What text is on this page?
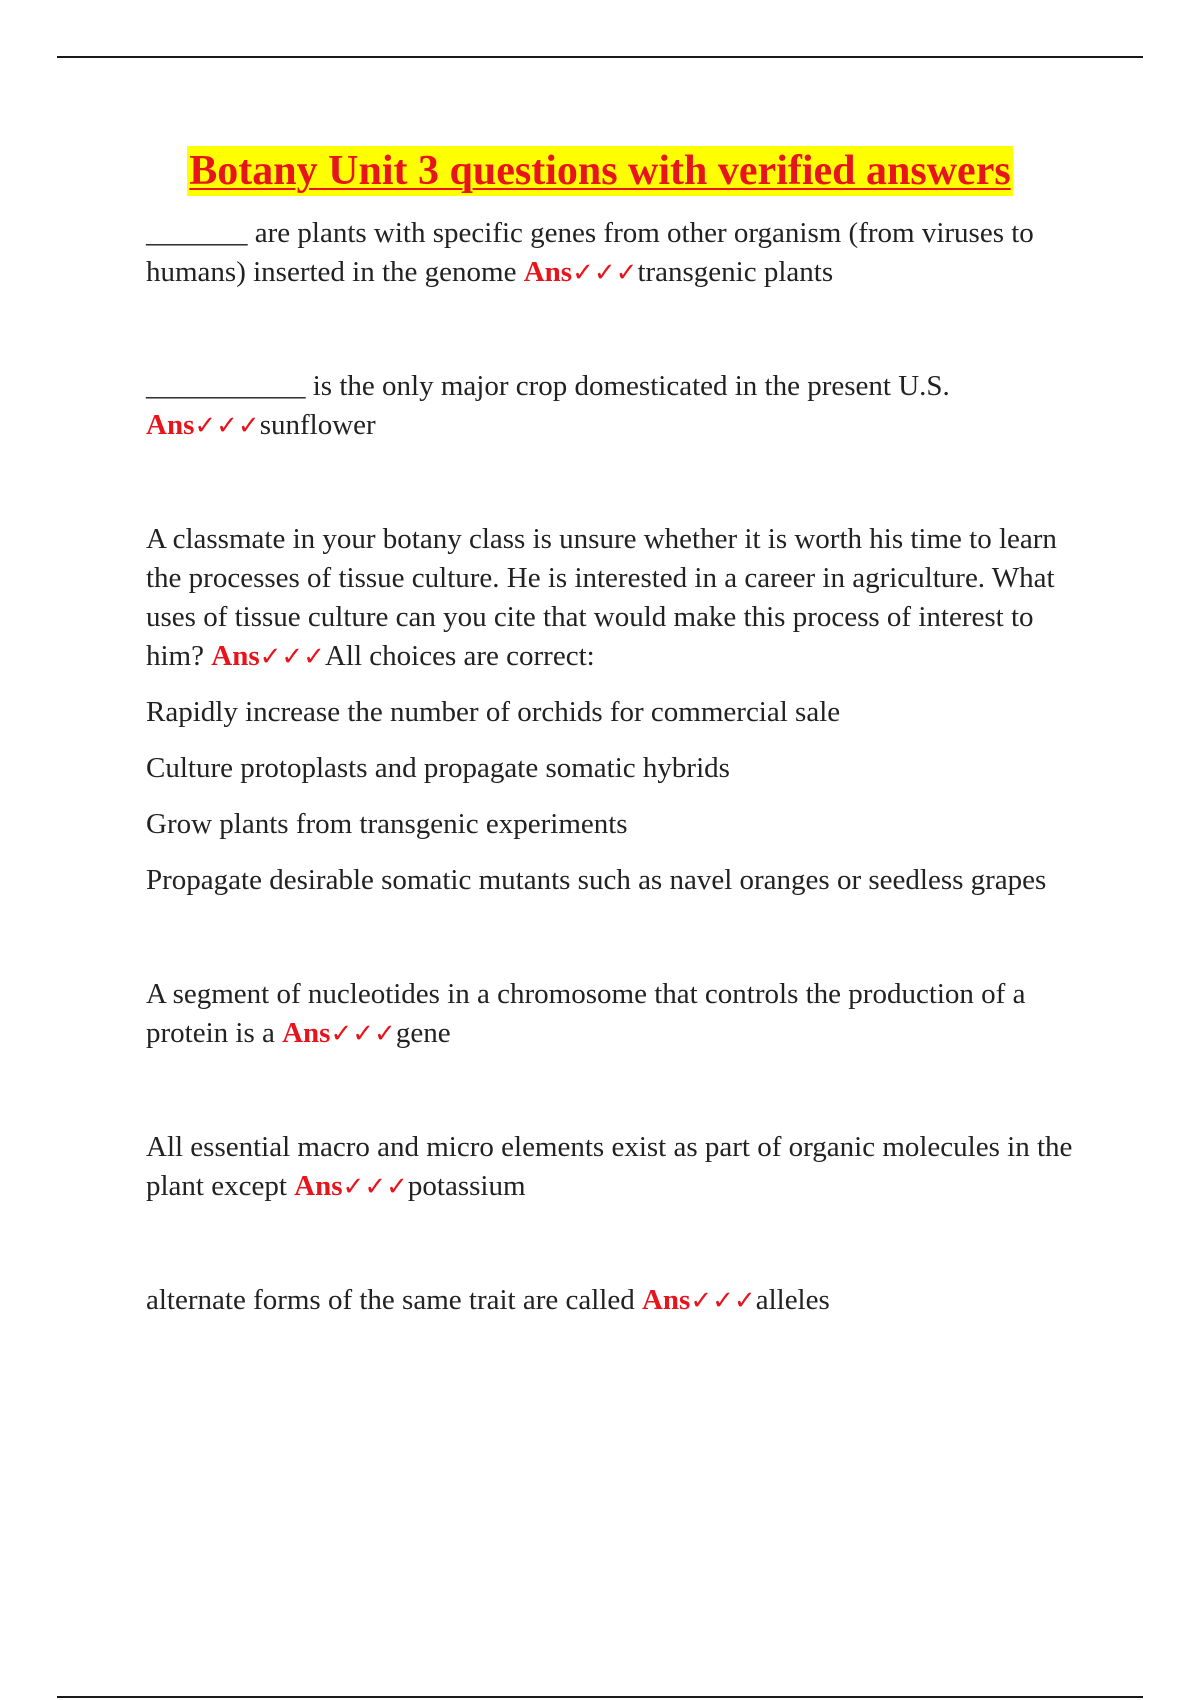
Botany Unit 3 questions with verified answers

_______ are plants with specific genes from other organism (from viruses to humans) inserted in the genome Ans✓✓✓transgenic plants

___________ is the only major crop domesticated in the present U.S. Ans✓✓✓sunflower

A classmate in your botany class is unsure whether it is worth his time to learn the processes of tissue culture. He is interested in a career in agriculture. What uses of tissue culture can you cite that would make this process of interest to him? Ans✓✓✓All choices are correct:

Rapidly increase the number of orchids for commercial sale

Culture protoplasts and propagate somatic hybrids

Grow plants from transgenic experiments

Propagate desirable somatic mutants such as navel oranges or seedless grapes

A segment of nucleotides in a chromosome that controls the production of a protein is a Ans✓✓✓gene

All essential macro and micro elements exist as part of organic molecules in the plant except Ans✓✓✓potassium

alternate forms of the same trait are called Ans✓✓✓alleles
